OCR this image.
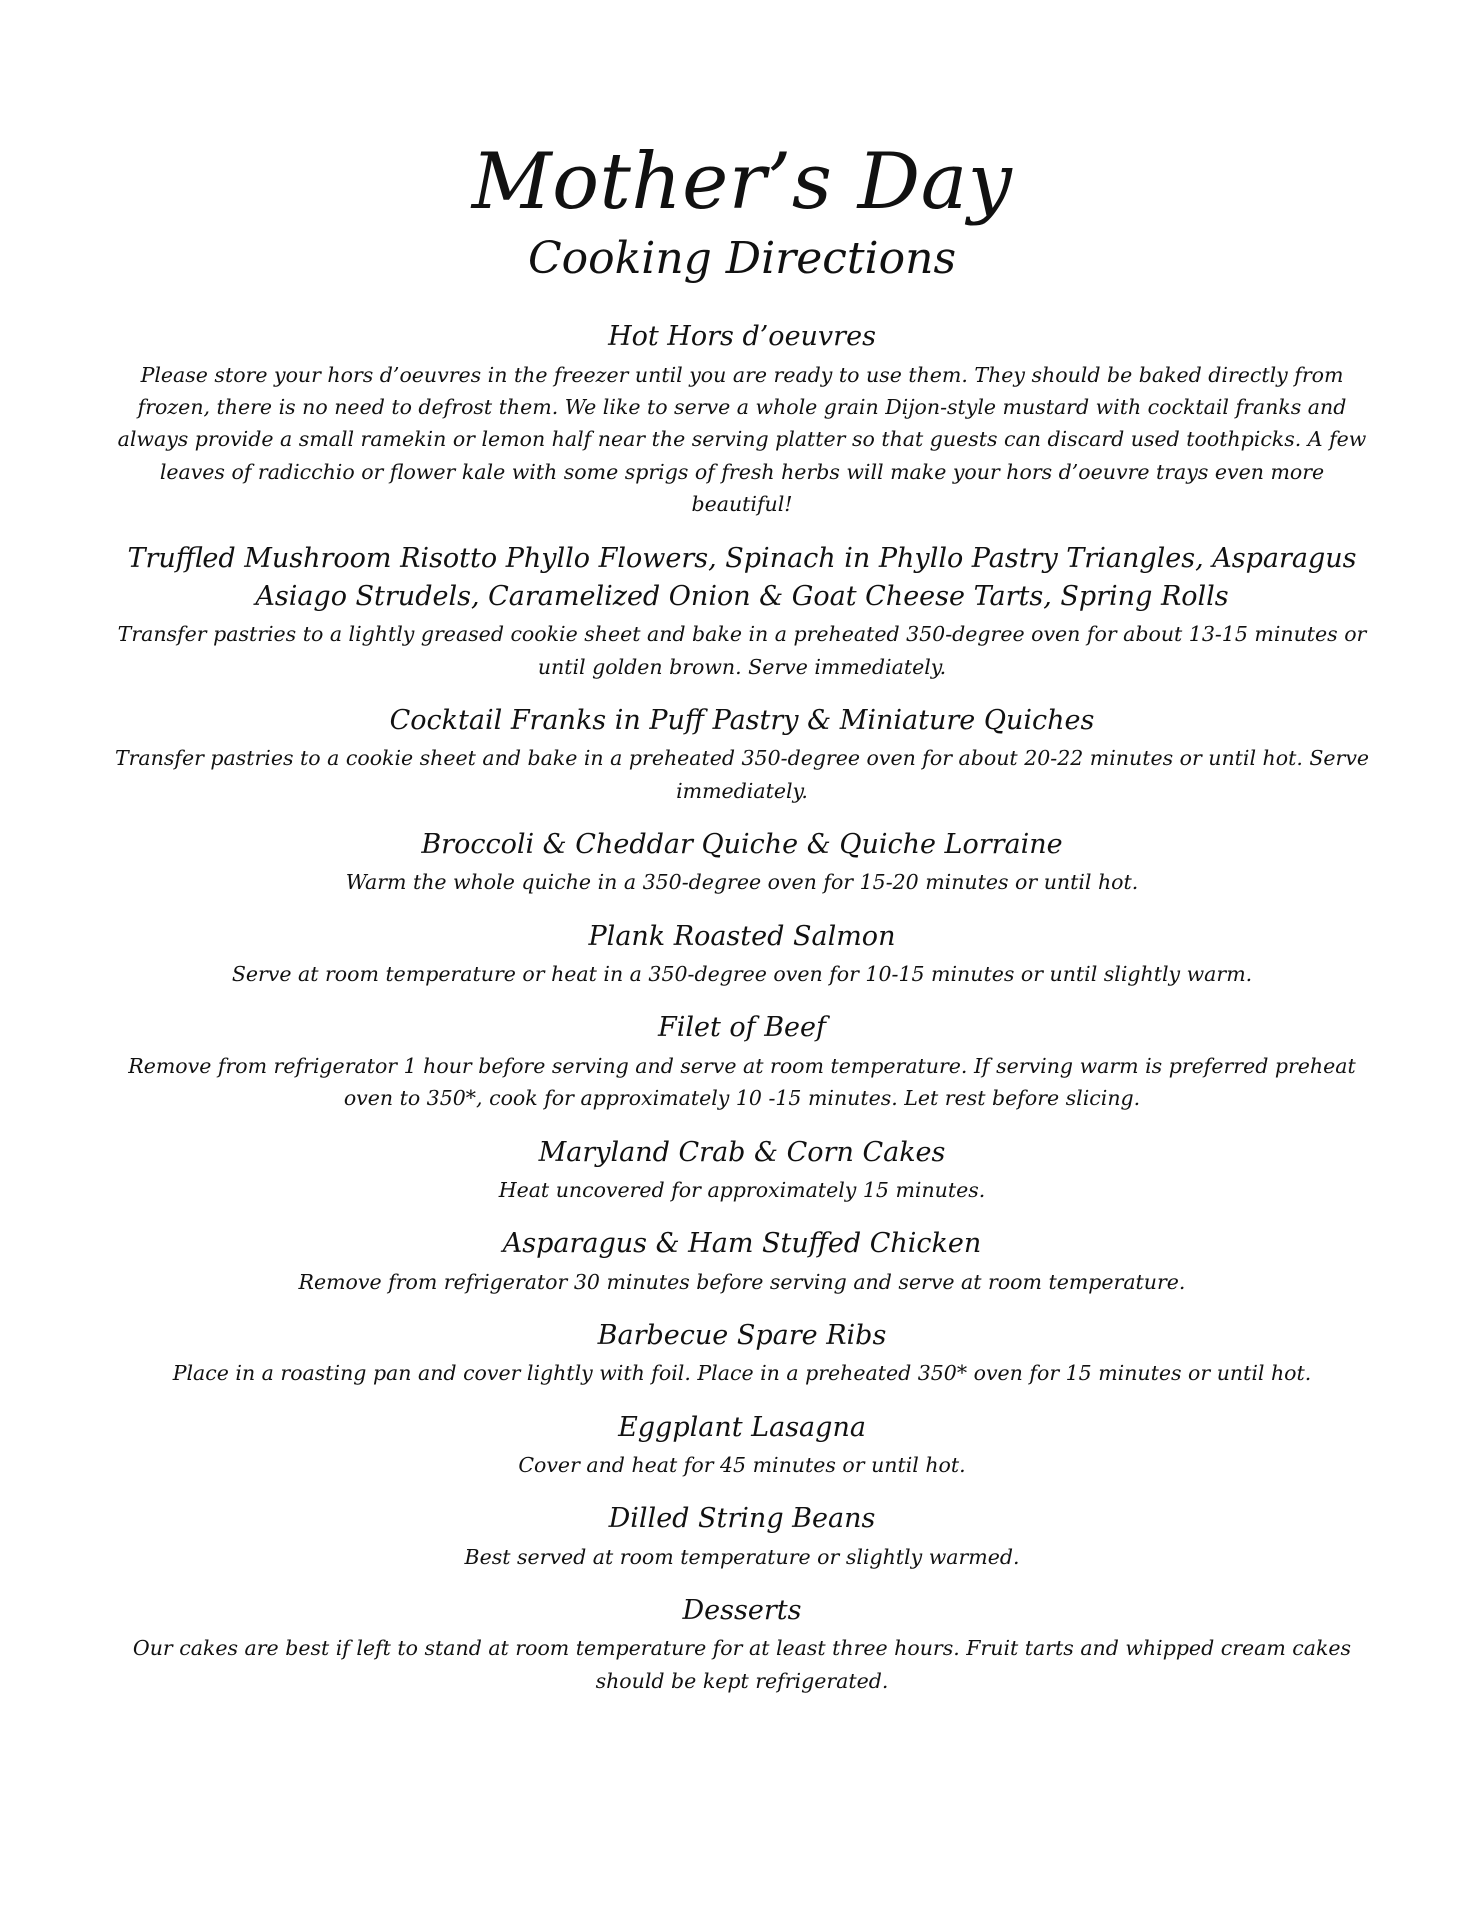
Mother’s Day
Cooking Directions
Hot Hors d’oeuvres

Please store your hors d’oeuvres in the freezer until you are ready to use them. They should be baked directly from frozen, there is no need to defrost them. We like to serve a whole grain Dijon-style mustard with cocktail franks and always provide a small ramekin or lemon half near the serving platter so that guests can discard used toothpicks. A few leaves of radicchio or flower kale with some sprigs of fresh herbs will make your hors d’oeuvre trays even more beautiful!

Truffled Mushroom Risotto Phyllo Flowers, Spinach in Phyllo Pastry Triangles, Asparagus Asiago Strudels, Caramelized Onion & Goat Cheese Tarts, Spring Rolls

Transfer pastries to a lightly greased cookie sheet and bake in a preheated 350-degree oven for about 13-15 minutes or until golden brown. Serve immediately.

Cocktail Franks in Puff Pastry & Miniature Quiches

Transfer pastries to a cookie sheet and bake in a preheated 350-degree oven for about 20-22 minutes or until hot. Serve immediately.

Broccoli & Cheddar Quiche & Quiche Lorraine

Warm the whole quiche in a 350-degree oven for 15-20 minutes or until hot.

Plank Roasted Salmon

Serve at room temperature or heat in a 350-degree oven for 10-15 minutes or until slightly warm.

Filet of Beef

Remove from refrigerator 1 hour before serving and serve at room temperature. If serving warm is preferred preheat oven to 350*, cook for approximately 10 -15 minutes. Let rest before slicing.

Maryland Crab & Corn Cakes

Heat uncovered for approximately 15 minutes.

Asparagus & Ham Stuffed Chicken

Remove from refrigerator 30 minutes before serving and serve at room temperature.

Barbecue Spare Ribs

Place in a roasting pan and cover lightly with foil. Place in a preheated 350* oven for 15 minutes or until hot.

Eggplant Lasagna

Cover and heat for 45 minutes or until hot.

Dilled String Beans

Best served at room temperature or slightly warmed.

Desserts

Our cakes are best if left to stand at room temperature for at least three hours. Fruit tarts and whipped cream cakes should be kept refrigerated.
